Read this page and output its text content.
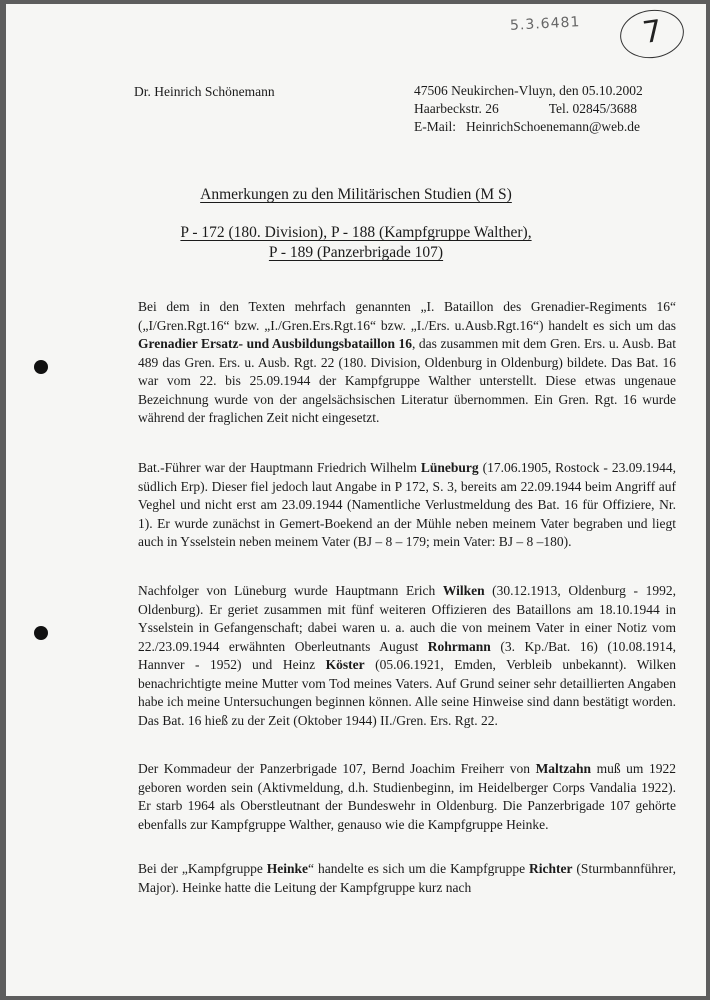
5.3.6481 7
Dr. Heinrich Schönemann	47506 Neukirchen-Vluyn, den 05.10.2002
Haarbeckstr. 26	Tel. 02845/3688
E-Mail: HeinrichSchoenemann@web.de
Anmerkungen zu den Militärischen Studien (M S)
P - 172 (180. Division), P - 188 (Kampfgruppe Walther),
P - 189 (Panzerbrigade 107)
Bei dem in den Texten mehrfach genannten „I. Bataillon des Grenadier-Regiments 16“ („I/Gren.Rgt.16“ bzw. „I./Gren.Ers.Rgt.16“ bzw. „I./Ers. u.Ausb.Rgt.16“) handelt es sich um das Grenadier Ersatz- und Ausbildungsbataillon 16, das zusammen mit dem Gren. Ers. u. Ausb. Bat 489 das Gren. Ers. u. Ausb. Rgt. 22 (180. Division, Oldenburg in Oldenburg) bildete. Das Bat. 16 war vom 22. bis 25.09.1944 der Kampfgruppe Walther unterstellt. Diese etwas ungenaue Bezeichnung wurde von der angelsächsischen Literatur übernommen. Ein Gren. Rgt. 16 wurde während der fraglichen Zeit nicht eingesetzt.
Bat.-Führer war der Hauptmann Friedrich Wilhelm Lüneburg (17.06.1905, Rostock - 23.09.1944, südlich Erp). Dieser fiel jedoch laut Angabe in P 172, S. 3, bereits am 22.09.1944 beim Angriff auf Veghel und nicht erst am 23.09.1944 (Namentliche Verlustmeldung des Bat. 16 für Offiziere, Nr. 1). Er wurde zunächst in Gemert-Boekend an der Mühle neben meinem Vater begraben und liegt auch in Ysselstein neben meinem Vater (BJ – 8 – 179; mein Vater: BJ – 8 –180).
Nachfolger von Lüneburg wurde Hauptmann Erich Wilken (30.12.1913, Oldenburg - 1992, Oldenburg). Er geriet zusammen mit fünf weiteren Offizieren des Bataillons am 18.10.1944 in Ysselstein in Gefangenschaft; dabei waren u. a. auch die von meinem Vater in einer Notiz vom 22./23.09.1944 erwähnten Oberleutnants August Rohrmann (3. Kp./Bat. 16) (10.08.1914, Hannver - 1952) und Heinz Köster (05.06.1921, Emden, Verbleib unbekannt). Wilken benachrichtigte meine Mutter vom Tod meines Vaters. Auf Grund seiner sehr detaillierten Angaben habe ich meine Untersuchungen beginnen können. Alle seine Hinweise sind dann bestätigt worden. Das Bat. 16 hieß zu der Zeit (Oktober 1944) II./Gren. Ers. Rgt. 22.
Der Kommadeur der Panzerbrigade 107, Bernd Joachim Freiherr von Maltzahn muß um 1922 geboren worden sein (Aktivmeldung, d.h. Studienbeginn, im Heidelberger Corps Vandalia 1922). Er starb 1964 als Oberstleutnant der Bundeswehr in Oldenburg. Die Panzerbrigade 107 gehörte ebenfalls zur Kampfgruppe Walther, genauso wie die Kampfgruppe Heinke.
Bei der „Kampfgruppe Heinke“ handelte es sich um die Kampfgruppe Richter (Sturmbannführer, Major). Heinke hatte die Leitung der Kampfgruppe kurz nach
